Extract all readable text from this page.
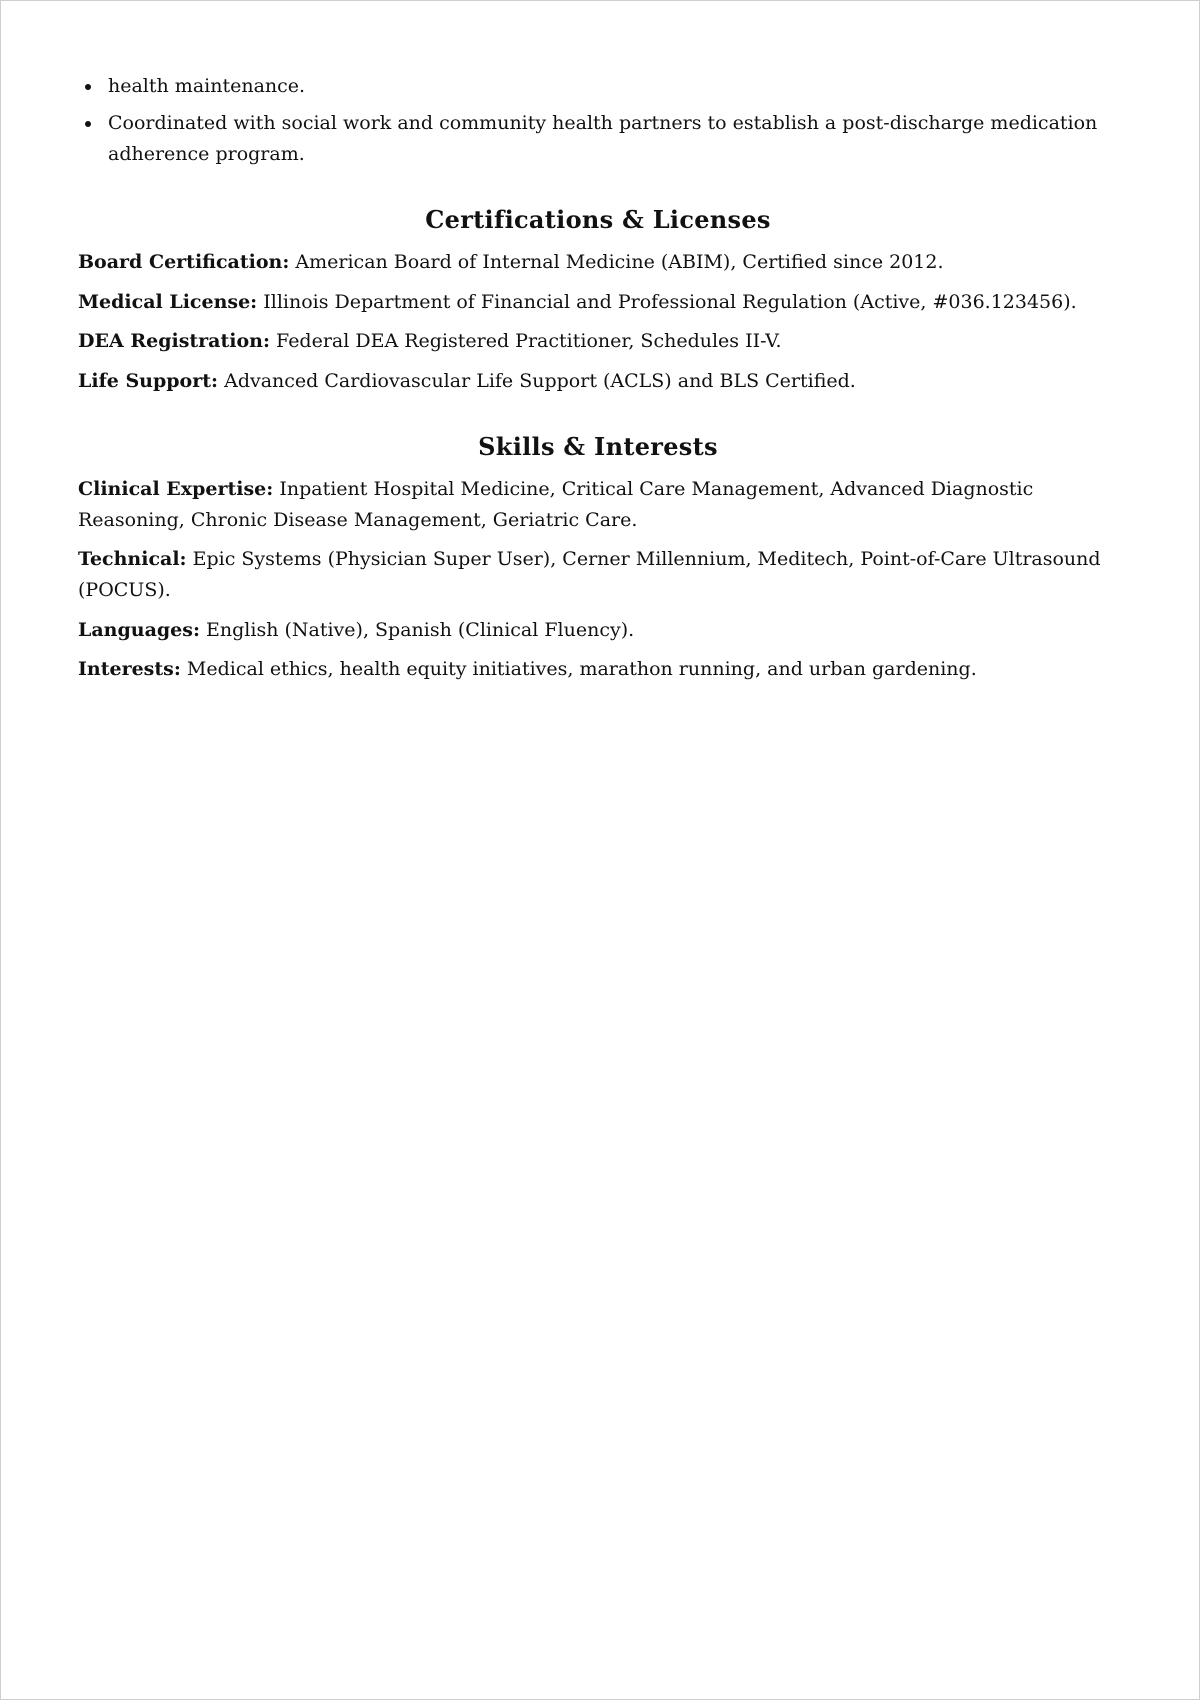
health maintenance.
Coordinated with social work and community health partners to establish a post-discharge medication adherence program.
Certifications & Licenses
Board Certification: American Board of Internal Medicine (ABIM), Certified since 2012.
Medical License: Illinois Department of Financial and Professional Regulation (Active, #036.123456).
DEA Registration: Federal DEA Registered Practitioner, Schedules II-V.
Life Support: Advanced Cardiovascular Life Support (ACLS) and BLS Certified.
Skills & Interests
Clinical Expertise: Inpatient Hospital Medicine, Critical Care Management, Advanced Diagnostic Reasoning, Chronic Disease Management, Geriatric Care.
Technical: Epic Systems (Physician Super User), Cerner Millennium, Meditech, Point-of-Care Ultrasound (POCUS).
Languages: English (Native), Spanish (Clinical Fluency).
Interests: Medical ethics, health equity initiatives, marathon running, and urban gardening.
